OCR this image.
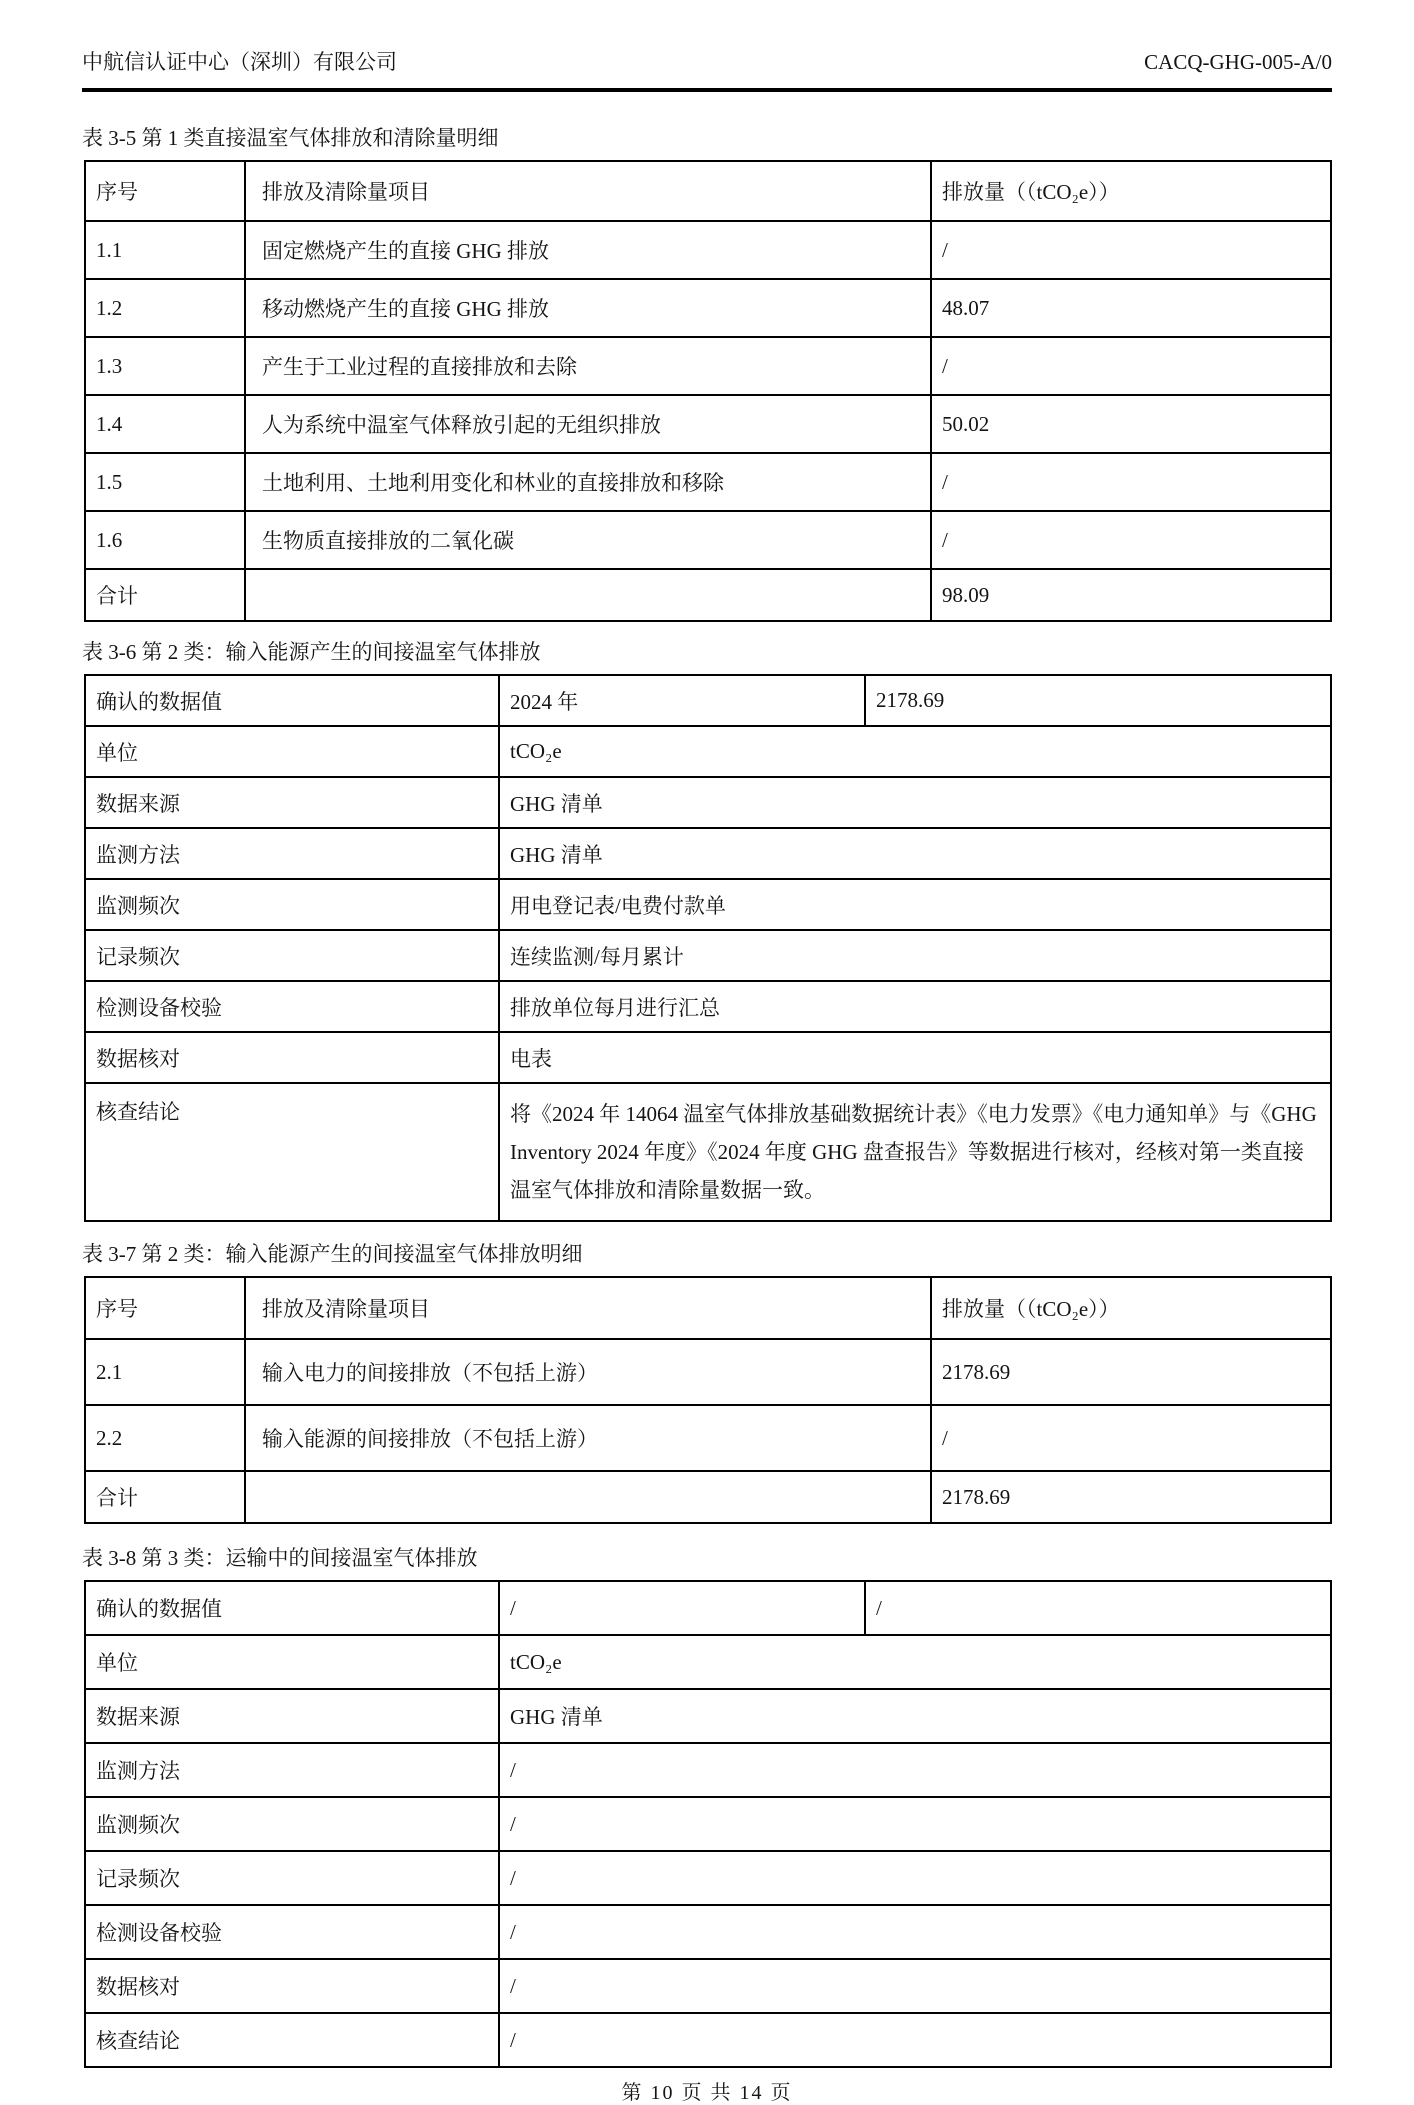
中航信认证中心（深圳）有限公司	CACQ-GHG-005-A/0

表 3-5 第 1 类直接温室气体排放和清除量明细

序号	排放及清除量项目	排放量（（tCO₂e））
1.1	固定燃烧产生的直接 GHG 排放	/
1.2	移动燃烧产生的直接 GHG 排放	48.07
1.3	产生于工业过程的直接排放和去除	/
1.4	人为系统中温室气体释放引起的无组织排放	50.02
1.5	土地利用、土地利用变化和林业的直接排放和移除	/
1.6	生物质直接排放的二氧化碳	/
合计		98.09

表 3-6 第 2 类：输入能源产生的间接温室气体排放

确认的数据值	2024 年	2178.69
单位	tCO₂e	
数据来源	GHG 清单	
监测方法	GHG 清单	
监测频次	用电登记表/电费付款单	
记录频次	连续监测/每月累计	
检测设备校验	排放单位每月进行汇总	
数据核对	电表	
核查结论	将《2024 年 14064 温室气体排放基础数据统计表》《电力发票》《电力通知单》与《GHG Inventory 2024 年度》《2024 年度 GHG 盘查报告》等数据进行核对，经核对第一类直接温室气体排放和清除量数据一致。	

表 3-7 第 2 类：输入能源产生的间接温室气体排放明细

序号	排放及清除量项目	排放量（（tCO₂e））
2.1	输入电力的间接排放（不包括上游）	2178.69
2.2	输入能源的间接排放（不包括上游）	/
合计		2178.69

表 3-8 第 3 类：运输中的间接温室气体排放

确认的数据值	/	/
单位	tCO₂e	
数据来源	GHG 清单	
监测方法	/	
监测频次	/	
记录频次	/	
检测设备校验	/	
数据核对	/	
核查结论	/	
第 10 页 共 14 页
